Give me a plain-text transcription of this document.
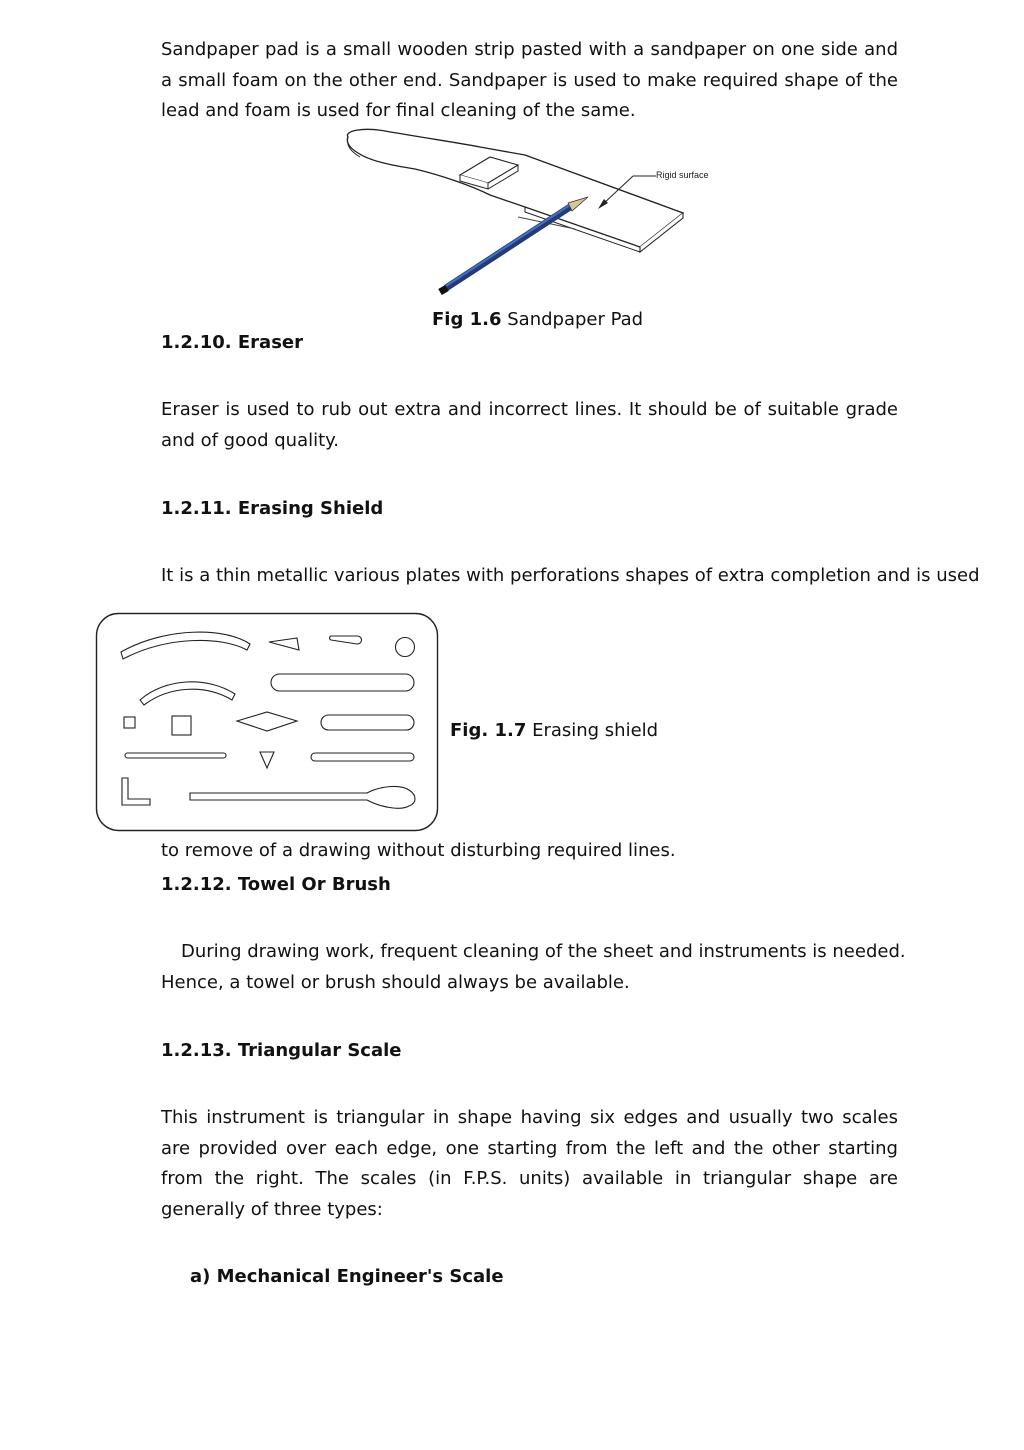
Sandpaper pad is a small wooden strip pasted with a sandpaper on one side and a small foam on the other end. Sandpaper is used to make required shape of the lead and foam is used for final cleaning of the same.

Rigid surface

Fig 1.6 Sandpaper Pad

1.2.10. Eraser

Eraser is used to rub out extra and incorrect lines. It should be of suitable grade and of good quality.

1.2.11. Erasing Shield

It is a thin metallic various plates with perforations shapes of extra completion and is used

Fig. 1.7 Erasing shield

to remove of a drawing without disturbing required lines.

1.2.12. Towel Or Brush

During drawing work, frequent cleaning of the sheet and instruments is needed. Hence, a towel or brush should always be available.

1.2.13. Triangular Scale

This instrument is triangular in shape having six edges and usually two scales are provided over each edge, one starting from the left and the other starting from the right. The scales (in F.P.S. units) available in triangular shape are generally of three types:

a) Mechanical Engineer's Scale
